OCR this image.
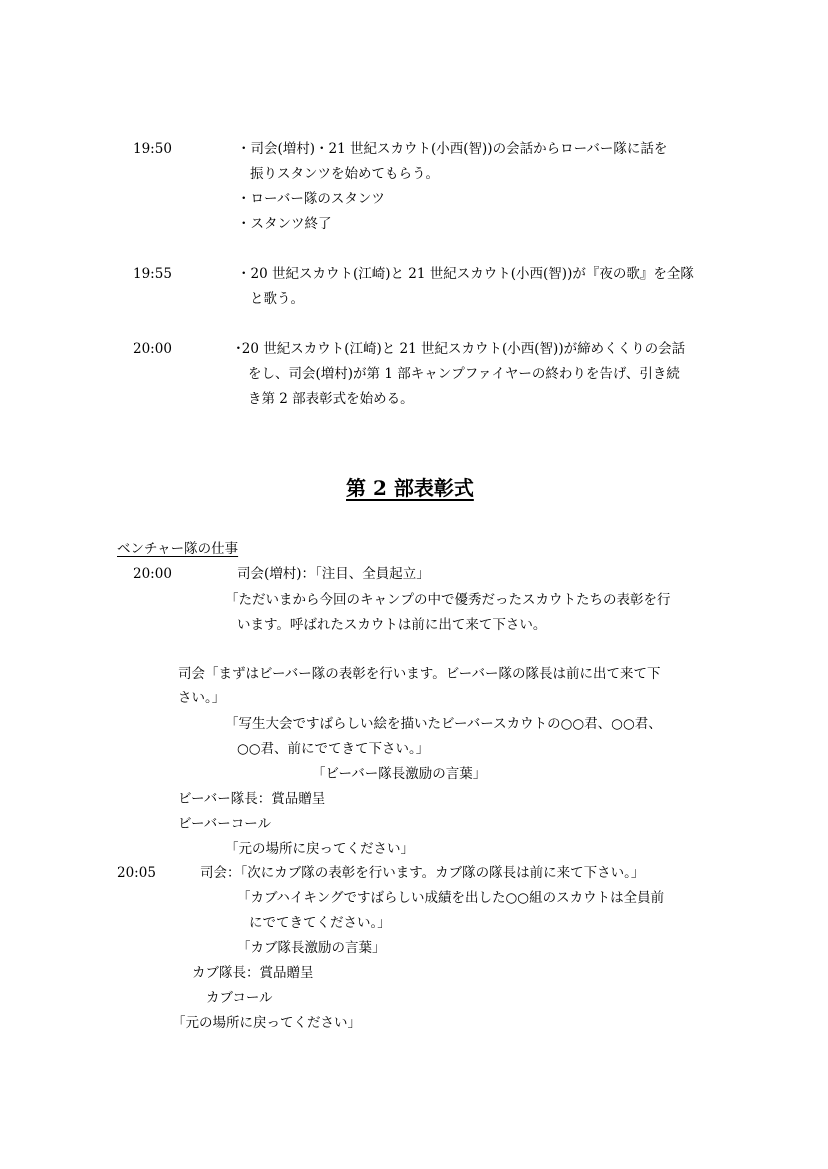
19:50	・司会(増村)・21 世紀スカウト(小西(智))の会話からローバー隊に話を
振りスタンツを始めてもらう。
・ローバー隊のスタンツ
・スタンツ終了
19:55	・20 世紀スカウト(江崎)と 21 世紀スカウト(小西(智))が『夜の歌』を全隊
と歌う。
20:00	･20 世紀スカウト(江崎)と 21 世紀スカウト(小西(智))が締めくくりの会話
をし、司会(増村)が第 1 部キャンプファイヤーの終わりを告げ、引き続
き第 2 部表彰式を始める。
第 2 部表彰式
ベンチャー隊の仕事
20:00	司会(増村)：「注目、全員起立」
「ただいまから今回のキャンプの中で優秀だったスカウトたちの表彰を行
います。呼ばれたスカウトは前に出て来て下さい。
司会「まずはビーバー隊の表彰を行います。ビーバー隊の隊長は前に出て来て下
さい。」
「写生大会ですばらしい絵を描いたビーバースカウトの○○君、○○君、
○○君、前にでてきて下さい。」
「ビーバー隊長激励の言葉」
ビーバー隊長：賞品贈呈
ビーバーコール
「元の場所に戻ってください」
20:05	司会：「次にカブ隊の表彰を行います。カブ隊の隊長は前に来て下さい。」
「カブハイキングですばらしい成績を出した○○組のスカウトは全員前
にでてきてください。」
「カブ隊長激励の言葉」
カブ隊長：賞品贈呈
カブコール
「元の場所に戻ってください」
